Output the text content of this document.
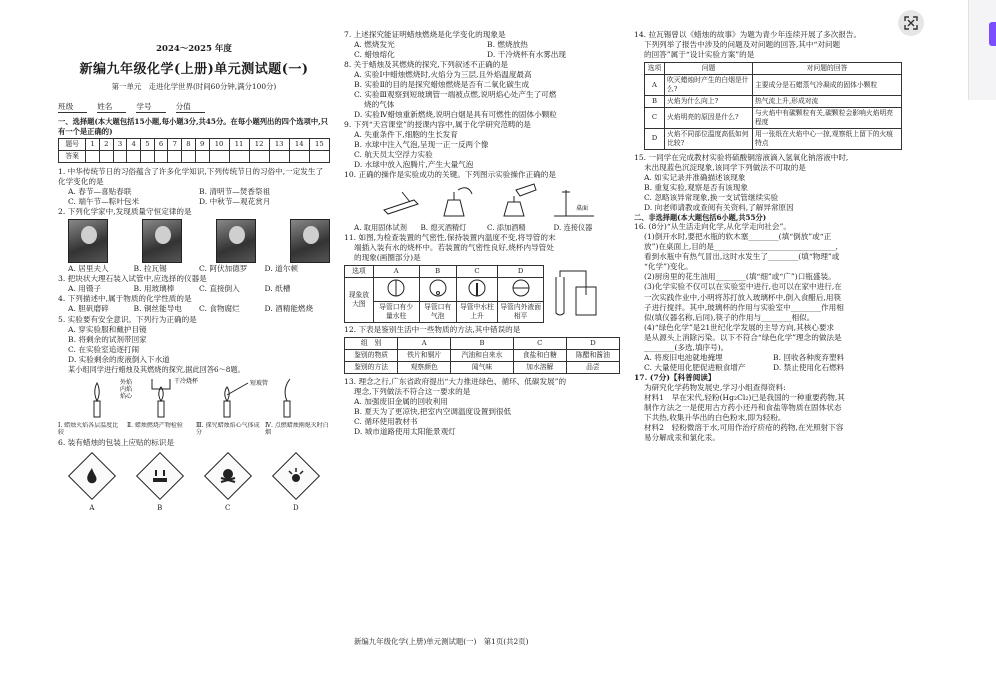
2024～2025 年度
新编九年级化学(上册)单元测试题(一)
第一单元　走进化学世界(时间60分钟,满分100分)
班级	姓名	学号	分值
一、选择题(本大题包括15小题,每小题3分,共45分。在每小题列出的四个选项中,只有一个是正确的)
题号	1	2	3	4	5	6	7	8	9	10	11	12	13	14	15
答案															
1. 中华传统节日的习俗蕴含了许多化学知识,下列传统节日的习俗中,一定发生了化学变化的是
A. 春节—喜贴春联	B. 清明节—焚香祭祖
C. 端午节—粽叶包米	D. 中秋节—观花赏月
2. 下列化学家中,发现质量守恒定律的是
A. 居里夫人	B. 拉瓦锡	C. 阿伏加德罗	D. 道尔顿
3. 把块状大理石装入试管中,应选择的仪器是
A. 用镊子	B. 用玻璃棒	C. 直接倒入	D. 纸槽
4. 下列描述中,属于物质的化学性质的是
A. 胆矾磨碎	B. 铜丝能导电	C. 食物腐烂	D. 酒精能燃烧
5. 实验要有安全意识。下列行为正确的是
A. 穿实验服和戴护目镜
B. 将剩余的试剂带回家
C. 在实验室追逐打闹
D. 实验剩余的废液倒入下水道
某小组同学进行蜡烛及其燃烧的探究,据此回答6～8题。
外焰
内焰
焰心
干冷烧杯	短玻管
Ⅰ. 蜡烛火焰各层温度比较
Ⅱ. 蜡烛燃烧产物检验	Ⅲ. 探究蜡烛焰心气体成分
Ⅳ. 点燃蜡烛刚熄灭时白烟
6. 装有蜡烛的包装上应贴的标识是
A	B	C	D
7. 上述探究能证明蜡烛燃烧是化学变化的现象是
A. 燃烧发光	B. 燃烧放热
C. 蜡烛熔化	D. 干冷烧杯有水雾出现
8. 关于蜡烛及其燃烧的探究,下列叙述不正确的是
A. 实验Ⅰ中蜡烛燃烧时,火焰分为三层,且外焰温度最高
B. 实验Ⅱ的目的是探究蜡烛燃烧是否有二氧化碳生成
C. 实验Ⅲ观察到短玻璃管一端被点燃,说明焰心处产生了可燃
烧的气体
D. 实验Ⅳ蜡烛重新燃烧,说明白烟是具有可燃性的固体小颗粒
9. 下列“天宫课堂”的授课内容中,属于化学研究范畴的是
A. 失重条件下,细胞的生长发育
B. 水球中注入气泡,呈现一正一反两个像
C. 航天员太空浮力实验
D. 水球中放入泡腾片,产生大量气泡
10. 正确的操作是实验成功的关键。下列图示实验操作正确的是
桌面
A. 取用固体试剂	B. 熄灭酒精灯	C. 添加酒精	D. 连接仪器
11. 如图,为检查装置的气密性,保持装置内温度不变,将导管的末
端插入装有水的烧杯中。若装置的气密性良好,烧杯内导管处
的现象(画圈部分)是
选项	A	B	C	D
现象放大图				
	导管口有少量水柱	导管口有气泡	导管中水柱上升	导管内外液面相平
12. 下表是鉴别生活中一些物质的方法,其中错误的是
组　别	A	B	C	D
鉴别的物质	铁片和铜片	汽油和自来水	食盐和白糖	陈醋和酱油
鉴别的方法	观察颜色	闻气味	加水溶解	品尝
13. 理念之行,广东省政府提出“大力推进绿色、循环、低碳发展”的
理念,下列做法不符合这一要求的是
A. 加强废旧金属的回收利用
B. 夏天为了更凉快,把室内空调温度设置到很低
C. 循环使用教材书
D. 城市道路使用太阳能景观灯
14. 拉瓦锡曾以《蜡烛的故事》为题为青少年连续开展了多次报告。
下列列举了报告中涉及的问题及对问题的回答,其中“对问题
的回答”属于“设计实验方案”的是
选项	问题	对问题的回答
A	吹灭蜡烛时产生的白烟是什么?	主要成分是石蜡蒸气冷凝成的固体小颗粒
B	火焰为什么向上?	热气流上升,形成对流
C	火焰明亮的原因是什么?	与火焰中有碳颗粒有关,碳颗粒会影响火焰明亮程度
D	火焰不同部位温度高低如何比较?	用一张纸在火焰中心一掠,观察纸上留下的火痕特点
15. 一同学在完成教材实验将硫酸铜溶液滴入氢氧化钠溶液中时,
未出现蓝色沉淀现象,该同学下列做法不可取的是
A. 如实记录并准确描述该现象
B. 重复实验,观察是否有该现象
C. 忽略该异常现象,换一支试管继续实验
D. 向老师请教或查阅有关资料,了解异常原因
二、非选择题(本大题包括6小题,共55分)
16. (8分)“从生活走向化学,从化学走向社会”。
(1)倒开水时,要把水瓶的软木塞________(填“倒放”或“正
放”)在桌面上,目的是________________________________,
看到水瓶中有热气冒出,这时水发生了________(填“物理”或
“化学”)变化。
(2)厨房里的花生油用________(填“细”或“广”)口瓶盛装。
(3)化学实验不仅可以在实验室中进行,也可以在家中进行,在
一次实践作业中,小明将苏打放入玻璃杯中,倒入食醋后,用筷
子进行搅拌。其中,玻璃杯的作用与实验室中________作用相
似(填仪器名称,后同),筷子的作用与________相似。
(4)“绿色化学”是21世纪化学发展的主导方向,其核心要求
是从源头上消除污染。以下不符合“绿色化学”理念的做法是
________(多选,填序号)。
A. 将废旧电池就地掩埋	B. 回收各种废弃塑料
C. 大量使用化肥促进粮食增产	D. 禁止使用化石燃料
17. (7分)【科普阅读】
为研究化学药物发展史,学习小组查得资料:
材料1　早在宋代,轻粉(Hg₂Cl₂)已是我国的一种重要药物,其
制作方法之一是使用古方药小还丹和食盐等物质在固体状态
下共热,收集升华出的白色粉末,即为轻粉。
材料2　轻粉微溶于水,可用作治疗疥疮的药物,在光照射下容
易分解成汞和氯化汞。
新编九年级化学(上册)单元测试题(一)　第1页(共2页)
